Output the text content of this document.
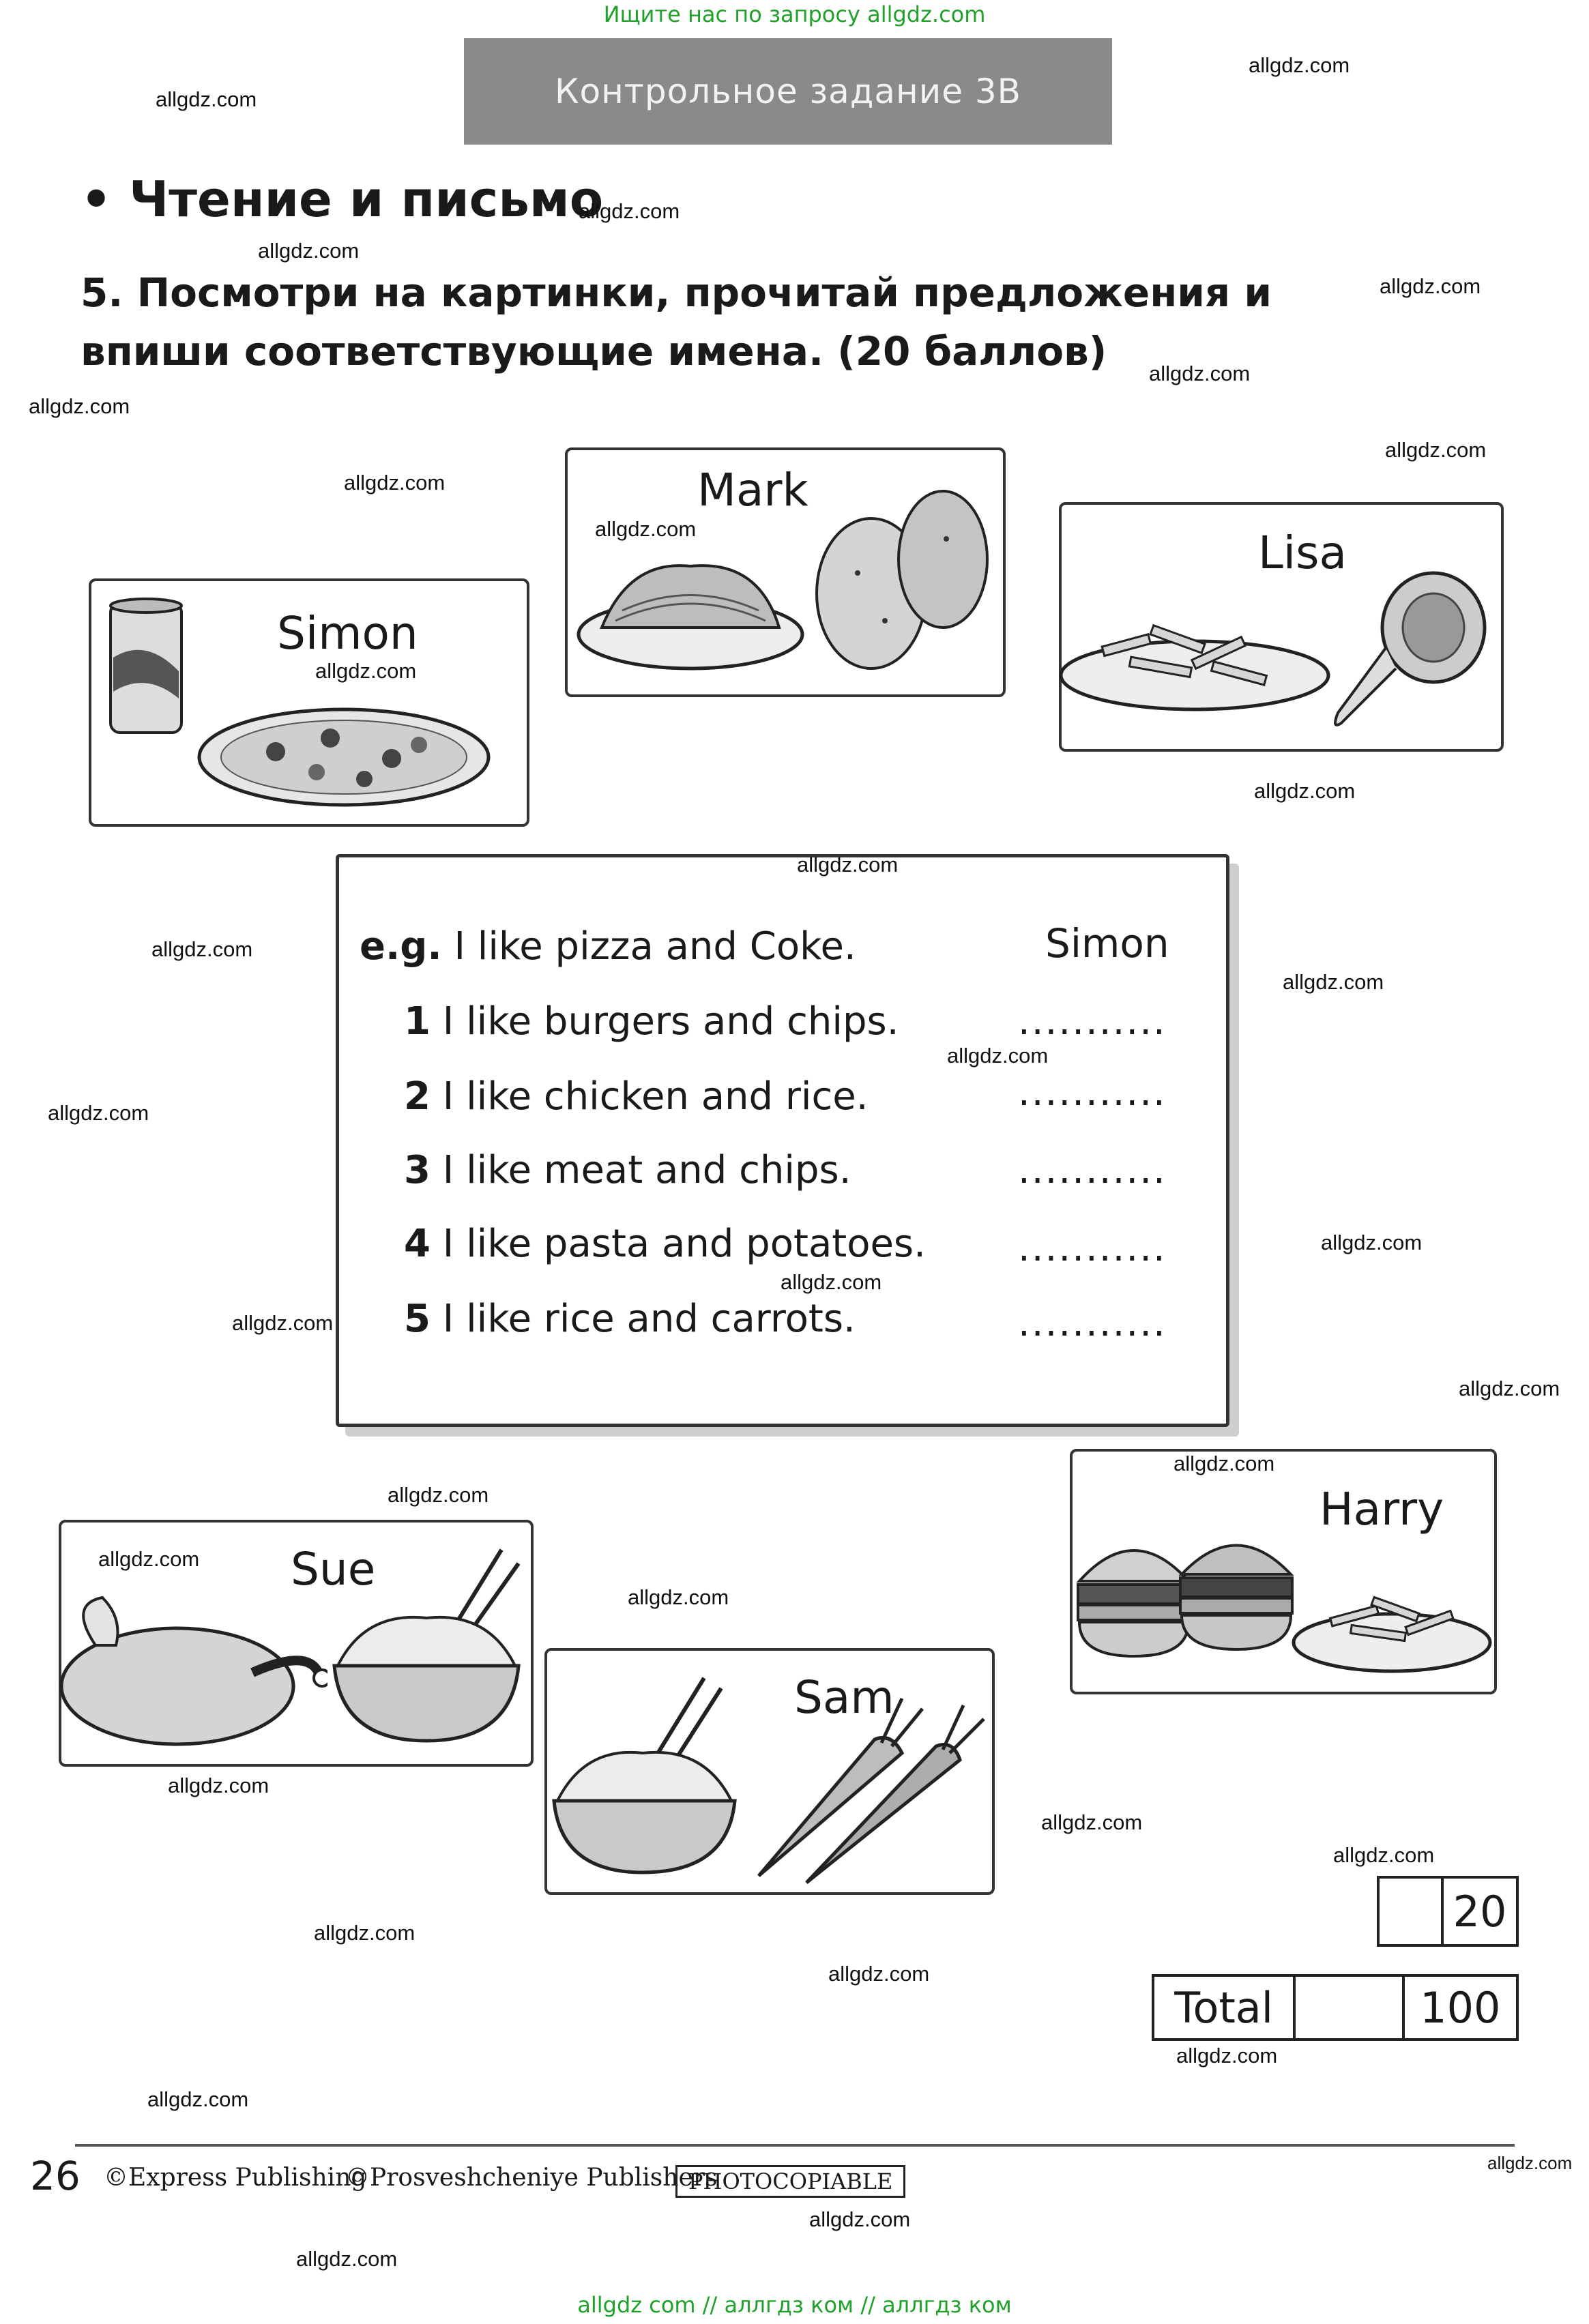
Ищите нас по запросу allgdz.com
Контрольное задание 3В
• Чтение и письмо
5. Посмотри на картинки, прочитай предложения и впиши соответствующие имена. (20 баллов)
Simon
Mark
Lisa
e.g. I like pizza and Coke.	Simon
1 I like burgers and chips.	...........
2 I like chicken and rice.	...........
3 I like meat and chips.	...........
4 I like pasta and potatoes. ...........
5 I like rice and carrots.	...........
Harry
Sue
Sam
20
Total	100
26 ©Express Publishing
©Prosveshcheniye Publishers
PHOTOCOPIABLE
allgdz.com
allgdz.com
allgdz.com
allgdz.com
allgdz.com
allgdz.com
allgdz.com
allgdz.com
allgdz.com
allgdz.com
allgdz.com
allgdz.com
allgdz.com
allgdz.com
allgdz.com
allgdz.com
allgdz.com
allgdz.com
allgdz.com
allgdz.com
allgdz.com
allgdz.com
allgdz.com
allgdz.com
allgdz.com
allgdz.com
allgdz.com
allgdz.com
allgdz.com
allgdz.com
allgdz.com
allgdz.com
allgdz.com
allgdz.com
allgdz.com
allgdz com // аллгдз ком // аллгдз ком
